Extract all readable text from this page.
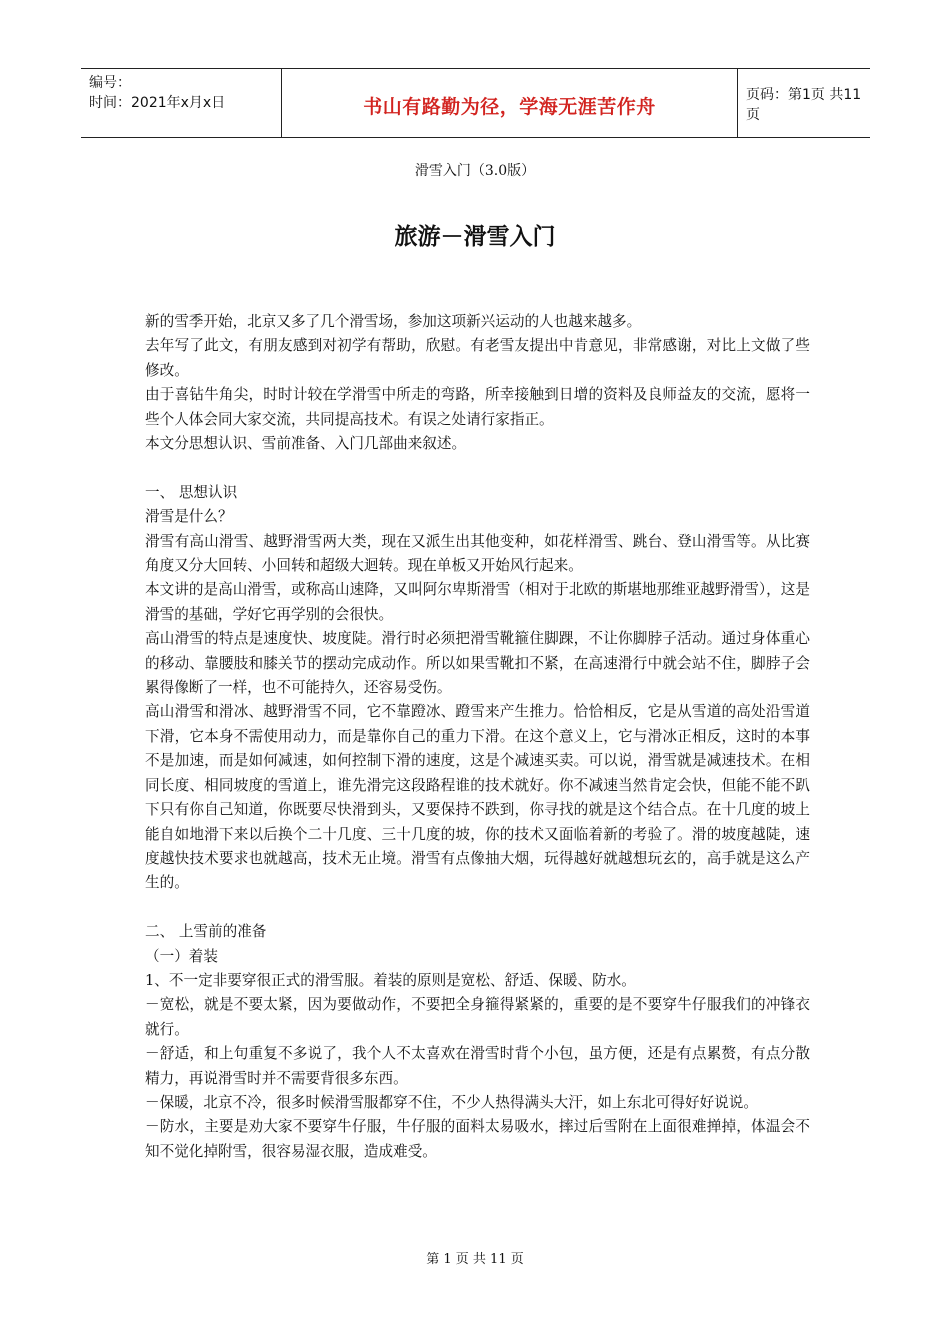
编号：
时间：2021年x月x日	书山有路勤为径，学海无涯苦作舟
页码：第1页 共11页
滑雪入门（3.0版）
旅游－滑雪入门

新的雪季开始，北京又多了几个滑雪场，参加这项新兴运动的人也越来越多。

去年写了此文，有朋友感到对初学有帮助，欣慰。有老雪友提出中肯意见，非常感谢，对比上文做了些修改。

由于喜钻牛角尖，时时计较在学滑雪中所走的弯路，所幸接触到日增的资料及良师益友的交流，愿将一些个人体会同大家交流，共同提高技术。有误之处请行家指正。

本文分思想认识、雪前准备、入门几部曲来叙述。

一、 思想认识

滑雪是什么？

滑雪有高山滑雪、越野滑雪两大类，现在又派生出其他变种，如花样滑雪、跳台、登山滑雪等。从比赛角度又分大回转、小回转和超级大迴转。现在单板又开始风行起来。

本文讲的是高山滑雪，或称高山速降，又叫阿尔卑斯滑雪（相对于北欧的斯堪地那维亚越野滑雪），这是滑雪的基础，学好它再学别的会很快。

高山滑雪的特点是速度快、坡度陡。滑行时必须把滑雪靴箍住脚踝，不让你脚脖子活动。通过身体重心的移动、靠腰肢和膝关节的摆动完成动作。所以如果雪靴扣不紧，在高速滑行中就会站不住，脚脖子会累得像断了一样，也不可能持久，还容易受伤。

高山滑雪和滑冰、越野滑雪不同，它不靠蹬冰、蹬雪来产生推力。恰恰相反，它是从雪道的高处沿雪道下滑，它本身不需使用动力，而是靠你自己的重力下滑。在这个意义上，它与滑冰正相反，这时的本事不是加速，而是如何减速，如何控制下滑的速度，这是个减速买卖。可以说，滑雪就是减速技术。在相同长度、相同坡度的雪道上，谁先滑完这段路程谁的技术就好。你不减速当然肯定会快，但能不能不趴下只有你自己知道，你既要尽快滑到头，又要保持不跌到，你寻找的就是这个结合点。在十几度的坡上能自如地滑下来以后换个二十几度、三十几度的坡，你的技术又面临着新的考验了。滑的坡度越陡，速度越快技术要求也就越高，技术无止境。滑雪有点像抽大烟，玩得越好就越想玩玄的，高手就是这么产生的。

二、 上雪前的准备

（一）着装

1、不一定非要穿很正式的滑雪服。着装的原则是宽松、舒适、保暖、防水。

－宽松，就是不要太紧，因为要做动作，不要把全身箍得紧紧的，重要的是不要穿牛仔服我们的冲锋衣就行。

－舒适，和上句重复不多说了，我个人不太喜欢在滑雪时背个小包，虽方便，还是有点累赘，有点分散精力，再说滑雪时并不需要背很多东西。

－保暖，北京不冷，很多时候滑雪服都穿不住，不少人热得满头大汗，如上东北可得好好说说。

－防水，主要是劝大家不要穿牛仔服，牛仔服的面料太易吸水，摔过后雪附在上面很难掸掉，体温会不知不觉化掉附雪，很容易湿衣服，造成难受。

第 1 页 共 11 页
